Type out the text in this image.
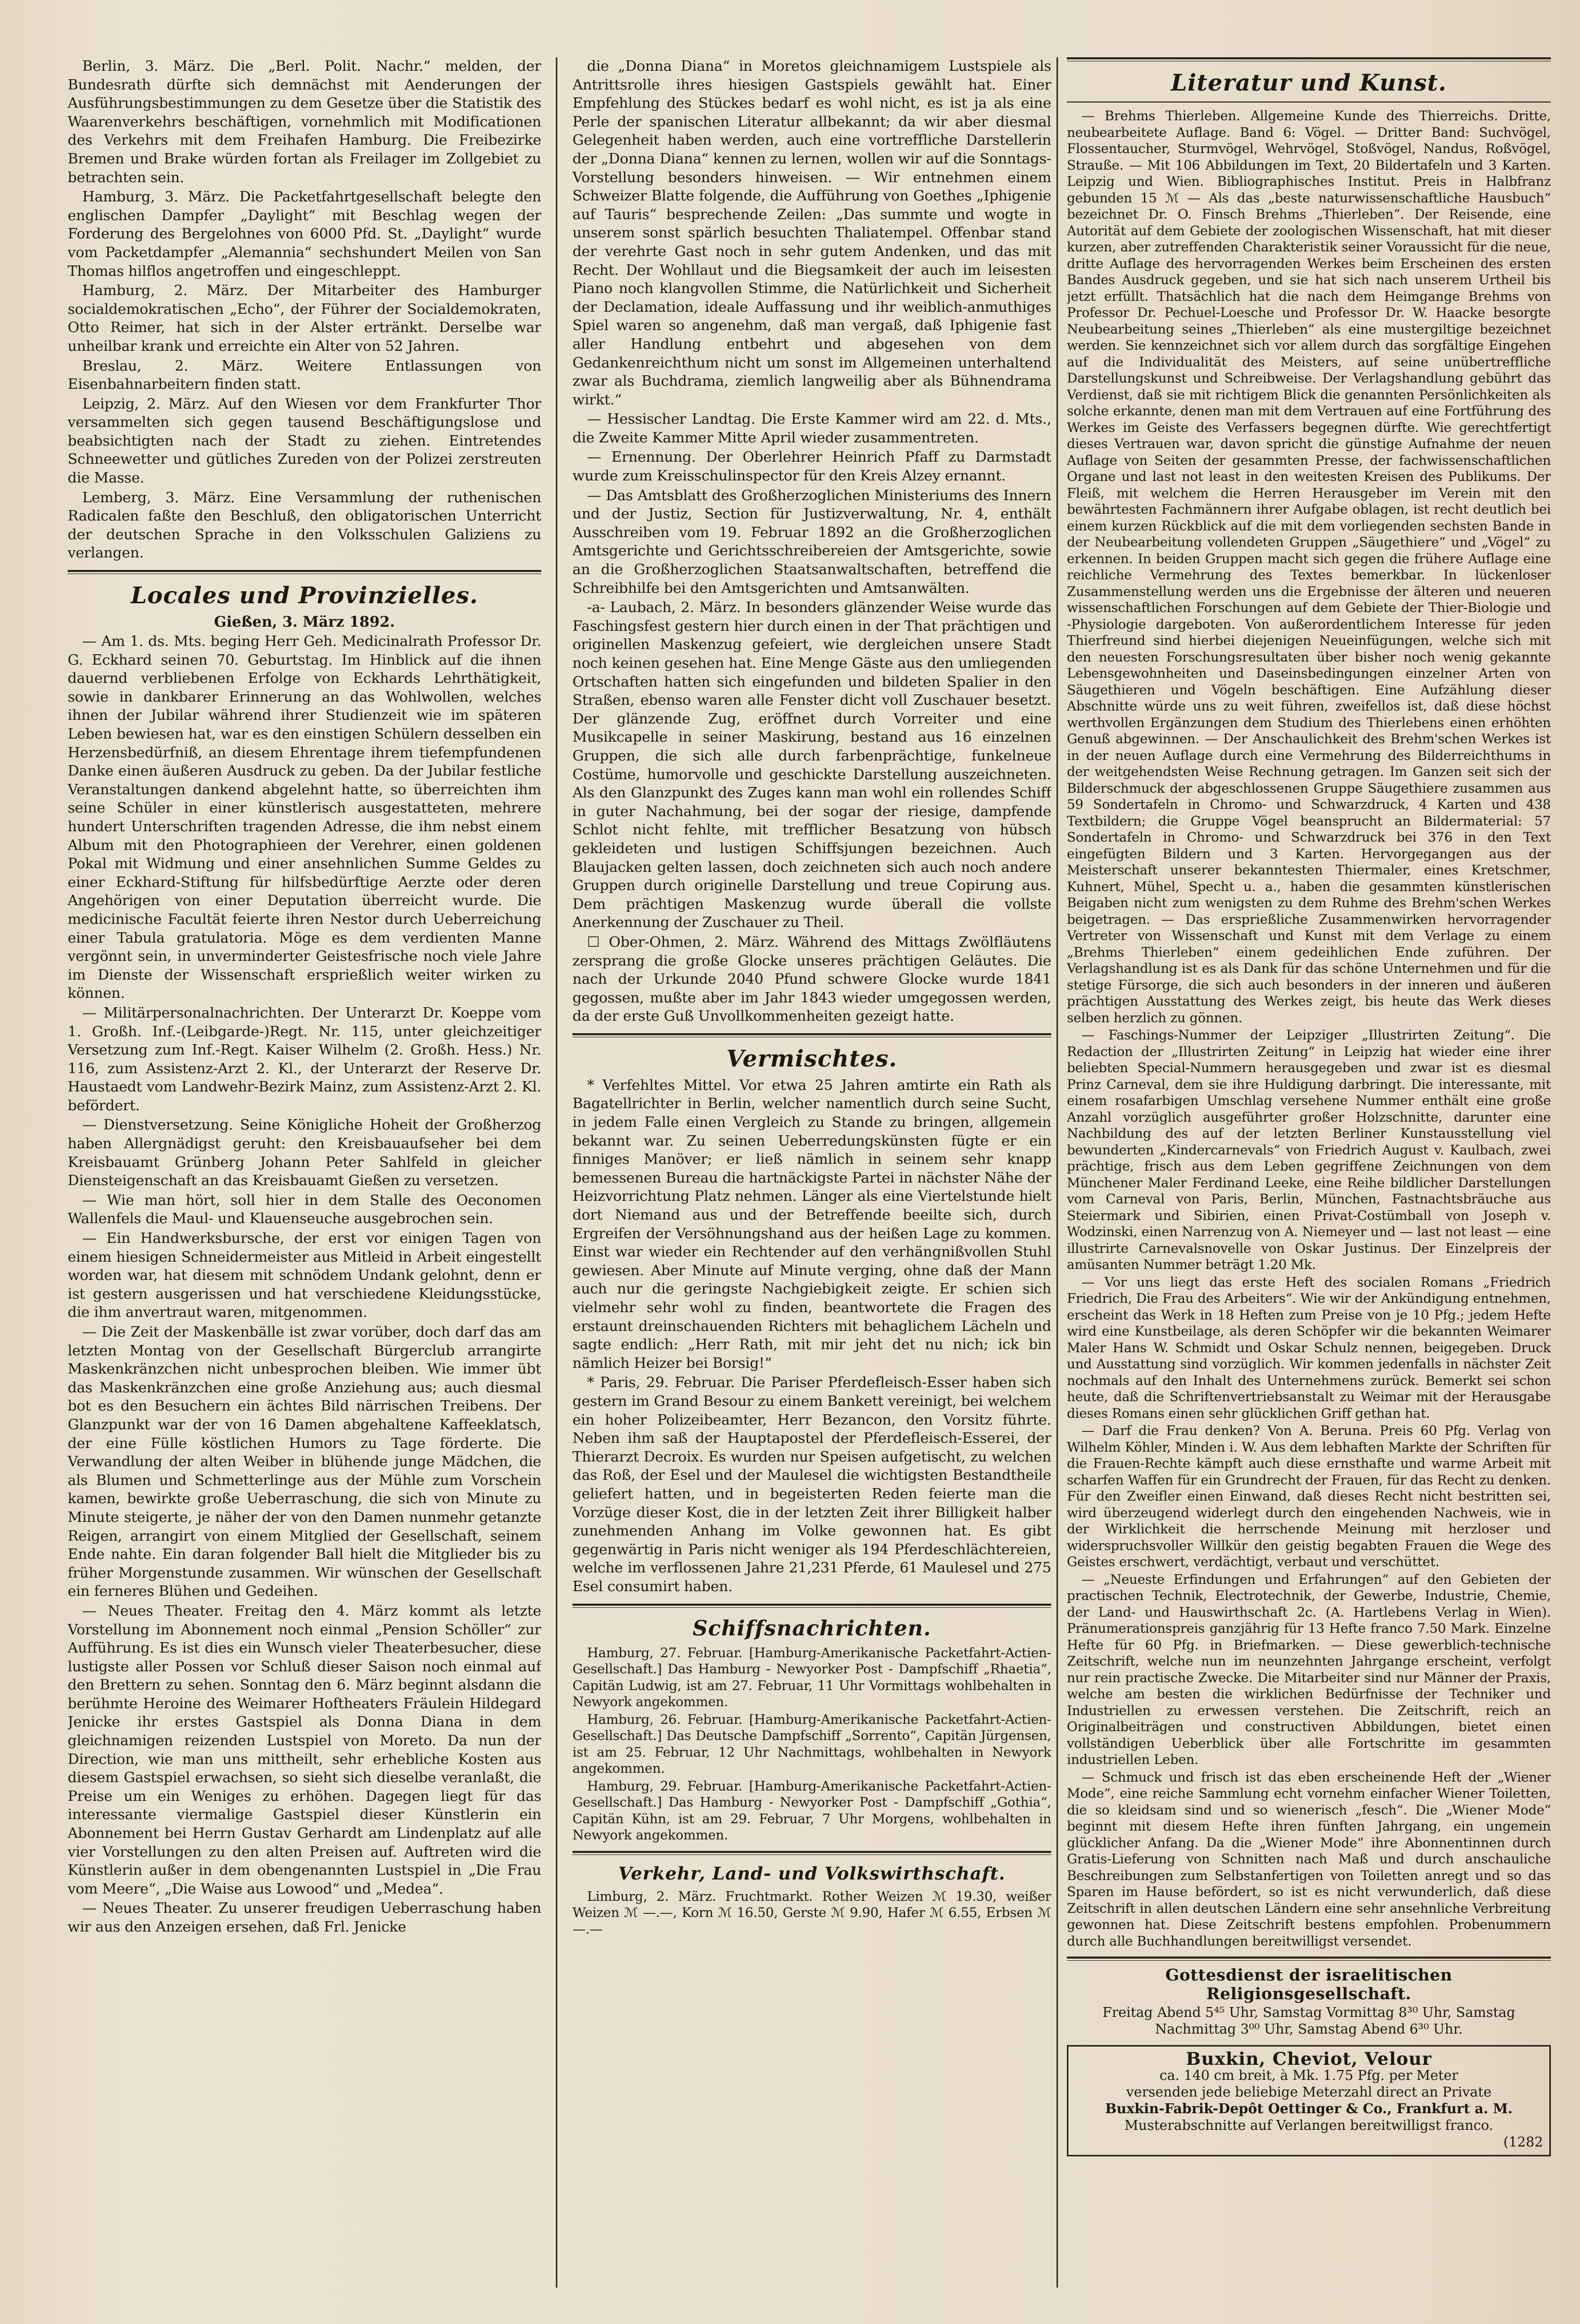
Berlin, 3. März. Die „Berl. Polit. Nachr.“ melden, der Bundesrath dürfte sich demnächst mit Aenderungen der Ausführungsbestimmungen zu dem Gesetze über die Statistik des Waarenverkehrs beschäftigen, vornehmlich mit Modificationen des Verkehrs mit dem Freihafen Hamburg. Die Freibezirke Bremen und Brake würden fortan als Freilager im Zollgebiet zu betrachten sein.

Hamburg, 3. März. Die Packetfahrtgesellschaft belegte den englischen Dampfer „Daylight“ mit Beschlag wegen der Forderung des Bergelohnes von 6000 Pfd. St. „Daylight“ wurde vom Packetdampfer „Alemannia“ sechshundert Meilen von San Thomas hilflos angetroffen und eingeschleppt.

Hamburg, 2. März. Der Mitarbeiter des Hamburger socialdemokratischen „Echo“, der Führer der Socialdemokraten, Otto Reimer, hat sich in der Alster ertränkt. Derselbe war unheilbar krank und erreichte ein Alter von 52 Jahren.

Breslau, 2. März. Weitere Entlassungen von Eisenbahnarbeitern finden statt.

Leipzig, 2. März. Auf den Wiesen vor dem Frankfurter Thor versammelten sich gegen tausend Beschäftigungslose und beabsichtigten nach der Stadt zu ziehen. Eintretendes Schneewetter und gütliches Zureden von der Polizei zerstreuten die Masse.

Lemberg, 3. März. Eine Versammlung der ruthenischen Radicalen faßte den Beschluß, den obligatorischen Unterricht der deutschen Sprache in den Volksschulen Galiziens zu verlangen.

Locales und Provinzielles.
Gießen, 3. März 1892.

— Am 1. ds. Mts. beging Herr Geh. Medicinalrath Professor Dr. G. Eckhard seinen 70. Geburtstag. Im Hinblick auf die ihnen dauernd verbliebenen Erfolge von Eckhards Lehrthätigkeit, sowie in dankbarer Erinnerung an das Wohlwollen, welches ihnen der Jubilar während ihrer Studienzeit wie im späteren Leben bewiesen hat, war es den einstigen Schülern desselben ein Herzensbedürfniß, an diesem Ehrentage ihrem tiefempfundenen Danke einen äußeren Ausdruck zu geben. Da der Jubilar festliche Veranstaltungen dankend abgelehnt hatte, so überreichten ihm seine Schüler in einer künstlerisch ausgestatteten, mehrere hundert Unterschriften tragenden Adresse, die ihm nebst einem Album mit den Photographieen der Verehrer, einen goldenen Pokal mit Widmung und einer ansehnlichen Summe Geldes zu einer Eckhard-Stiftung für hilfsbedürftige Aerzte oder deren Angehörigen von einer Deputation überreicht wurde. Die medicinische Facultät feierte ihren Nestor durch Ueberreichung einer Tabula gratulatoria. Möge es dem verdienten Manne vergönnt sein, in unverminderter Geistesfrische noch viele Jahre im Dienste der Wissenschaft ersprießlich weiter wirken zu können.

— Militärpersonalnachrichten. Der Unterarzt Dr. Koeppe vom 1. Großh. Inf.-(Leibgarde-)Regt. Nr. 115, unter gleichzeitiger Versetzung zum Inf.-Regt. Kaiser Wilhelm (2. Großh. Hess.) Nr. 116, zum Assistenz-Arzt 2. Kl., der Unterarzt der Reserve Dr. Haustaedt vom Landwehr-Bezirk Mainz, zum Assistenz-Arzt 2. Kl. befördert.

— Dienstversetzung. Seine Königliche Hoheit der Großherzog haben Allergnädigst geruht: den Kreisbauaufseher bei dem Kreisbauamt Grünberg Johann Peter Sahlfeld in gleicher Diensteigenschaft an das Kreisbauamt Gießen zu versetzen.

— Wie man hört, soll hier in dem Stalle des Oeconomen Wallenfels die Maul- und Klauenseuche ausgebrochen sein.

— Ein Handwerksbursche, der erst vor einigen Tagen von einem hiesigen Schneidermeister aus Mitleid in Arbeit eingestellt worden war, hat diesem mit schnödem Undank gelohnt, denn er ist gestern ausgerissen und hat verschiedene Kleidungsstücke, die ihm anvertraut waren, mitgenommen.

— Die Zeit der Maskenbälle ist zwar vorüber, doch darf das am letzten Montag von der Gesellschaft Bürgerclub arrangirte Maskenkränzchen nicht unbesprochen bleiben. Wie immer übt das Maskenkränzchen eine große Anziehung aus; auch diesmal bot es den Besuchern ein ächtes Bild närrischen Treibens. Der Glanzpunkt war der von 16 Damen abgehaltene Kaffeeklatsch, der eine Fülle köstlichen Humors zu Tage förderte. Die Verwandlung der alten Weiber in blühende junge Mädchen, die als Blumen und Schmetterlinge aus der Mühle zum Vorschein kamen, bewirkte große Ueberraschung, die sich von Minute zu Minute steigerte, je näher der von den Damen nunmehr getanzte Reigen, arrangirt von einem Mitglied der Gesellschaft, seinem Ende nahte. Ein daran folgender Ball hielt die Mitglieder bis zu früher Morgenstunde zusammen. Wir wünschen der Gesellschaft ein ferneres Blühen und Gedeihen.

— Neues Theater. Freitag den 4. März kommt als letzte Vorstellung im Abonnement noch einmal „Pension Schöller“ zur Aufführung. Es ist dies ein Wunsch vieler Theaterbesucher, diese lustigste aller Possen vor Schluß dieser Saison noch einmal auf den Brettern zu sehen. Sonntag den 6. März beginnt alsdann die berühmte Heroine des Weimarer Hoftheaters Fräulein Hildegard Jenicke ihr erstes Gastspiel als Donna Diana in dem gleichnamigen reizenden Lustspiel von Moreto. Da nun der Direction, wie man uns mittheilt, sehr erhebliche Kosten aus diesem Gastspiel erwachsen, so sieht sich dieselbe veranlaßt, die Preise um ein Weniges zu erhöhen. Dagegen liegt für das interessante viermalige Gastspiel dieser Künstlerin ein Abonnement bei Herrn Gustav Gerhardt am Lindenplatz auf alle vier Vorstellungen zu den alten Preisen auf. Auftreten wird die Künstlerin außer in dem obengenannten Lustspiel in „Die Frau vom Meere“, „Die Waise aus Lowood“ und „Medea“.

— Neues Theater. Zu unserer freudigen Ueberraschung haben wir aus den Anzeigen ersehen, daß Frl. Jenicke

die „Donna Diana“ in Moretos gleichnamigem Lustspiele als Antrittsrolle ihres hiesigen Gastspiels gewählt hat. Einer Empfehlung des Stückes bedarf es wohl nicht, es ist ja als eine Perle der spanischen Literatur allbekannt; da wir aber diesmal Gelegenheit haben werden, auch eine vortreffliche Darstellerin der „Donna Diana“ kennen zu lernen, wollen wir auf die Sonntags-Vorstellung besonders hinweisen. — Wir entnehmen einem Schweizer Blatte folgende, die Aufführung von Goethes „Iphigenie auf Tauris“ besprechende Zeilen: „Das summte und wogte in unserem sonst spärlich besuchten Thaliatempel. Offenbar stand der verehrte Gast noch in sehr gutem Andenken, und das mit Recht. Der Wohllaut und die Biegsamkeit der auch im leisesten Piano noch klangvollen Stimme, die Natürlichkeit und Sicherheit der Declamation, ideale Auffassung und ihr weiblich-anmuthiges Spiel waren so angenehm, daß man vergaß, daß Iphigenie fast aller Handlung entbehrt und abgesehen von dem Gedankenreichthum nicht um sonst im Allgemeinen unterhaltend zwar als Buchdrama, ziemlich langweilig aber als Bühnendrama wirkt.“

— Hessischer Landtag. Die Erste Kammer wird am 22. d. Mts., die Zweite Kammer Mitte April wieder zusammentreten.

— Ernennung. Der Oberlehrer Heinrich Pfaff zu Darmstadt wurde zum Kreisschulinspector für den Kreis Alzey ernannt.

— Das Amtsblatt des Großherzoglichen Ministeriums des Innern und der Justiz, Section für Justizverwaltung, Nr. 4, enthält Ausschreiben vom 19. Februar 1892 an die Großherzoglichen Amtsgerichte und Gerichtsschreibereien der Amtsgerichte, sowie an die Großherzoglichen Staatsanwaltschaften, betreffend die Schreibhilfe bei den Amtsgerichten und Amtsanwälten.

-a- Laubach, 2. März. In besonders glänzender Weise wurde das Faschingsfest gestern hier durch einen in der That prächtigen und originellen Maskenzug gefeiert, wie dergleichen unsere Stadt noch keinen gesehen hat. Eine Menge Gäste aus den umliegenden Ortschaften hatten sich eingefunden und bildeten Spalier in den Straßen, ebenso waren alle Fenster dicht voll Zuschauer besetzt. Der glänzende Zug, eröffnet durch Vorreiter und eine Musikcapelle in seiner Maskirung, bestand aus 16 einzelnen Gruppen, die sich alle durch farbenprächtige, funkelneue Costüme, humorvolle und geschickte Darstellung auszeichneten. Als den Glanzpunkt des Zuges kann man wohl ein rollendes Schiff in guter Nachahmung, bei der sogar der riesige, dampfende Schlot nicht fehlte, mit trefflicher Besatzung von hübsch gekleideten und lustigen Schiffsjungen bezeichnen. Auch Blaujacken gelten lassen, doch zeichneten sich auch noch andere Gruppen durch originelle Darstellung und treue Copirung aus. Dem prächtigen Maskenzug wurde überall die vollste Anerkennung der Zuschauer zu Theil.

☐ Ober-Ohmen, 2. März. Während des Mittags Zwölfläutens zersprang die große Glocke unseres prächtigen Geläutes. Die nach der Urkunde 2040 Pfund schwere Glocke wurde 1841 gegossen, mußte aber im Jahr 1843 wieder umgegossen werden, da der erste Guß Unvollkommenheiten gezeigt hatte.

Vermischtes.

* Verfehltes Mittel. Vor etwa 25 Jahren amtirte ein Rath als Bagatellrichter in Berlin, welcher namentlich durch seine Sucht, in jedem Falle einen Vergleich zu Stande zu bringen, allgemein bekannt war. Zu seinen Ueberredungskünsten fügte er ein finniges Manöver; er ließ nämlich in seinem sehr knapp bemessenen Bureau die hartnäckigste Partei in nächster Nähe der Heizvorrichtung Platz nehmen. Länger als eine Viertelstunde hielt dort Niemand aus und der Betreffende beeilte sich, durch Ergreifen der Versöhnungshand aus der heißen Lage zu kommen. Einst war wieder ein Rechtender auf den verhängnißvollen Stuhl gewiesen. Aber Minute auf Minute verging, ohne daß der Mann auch nur die geringste Nachgiebigkeit zeigte. Er schien sich vielmehr sehr wohl zu finden, beantwortete die Fragen des erstaunt dreinschauenden Richters mit behaglichem Lächeln und sagte endlich: „Herr Rath, mit mir jeht det nu nich; ick bin nämlich Heizer bei Borsig!“

* Paris, 29. Februar. Die Pariser Pferdefleisch-Esser haben sich gestern im Grand Besour zu einem Bankett vereinigt, bei welchem ein hoher Polizeibeamter, Herr Bezancon, den Vorsitz führte. Neben ihm saß der Hauptapostel der Pferdefleisch-Esserei, der Thierarzt Decroix. Es wurden nur Speisen aufgetischt, zu welchen das Roß, der Esel und der Maulesel die wichtigsten Bestandtheile geliefert hatten, und in begeisterten Reden feierte man die Vorzüge dieser Kost, die in der letzten Zeit ihrer Billigkeit halber zunehmenden Anhang im Volke gewonnen hat. Es gibt gegenwärtig in Paris nicht weniger als 194 Pferdeschlächtereien, welche im verflossenen Jahre 21,231 Pferde, 61 Maulesel und 275 Esel consumirt haben.

Schiffsnachrichten.

Hamburg, 27. Februar. [Hamburg-Amerikanische Packetfahrt-Actien-Gesellschaft.] Das Hamburg - Newyorker Post - Dampfschiff „Rhaetia“, Capitän Ludwig, ist am 27. Februar, 11 Uhr Vormittags wohlbehalten in Newyork angekommen.

Hamburg, 26. Februar. [Hamburg-Amerikanische Packetfahrt-Actien-Gesellschaft.] Das Deutsche Dampfschiff „Sorrento“, Capitän Jürgensen, ist am 25. Februar, 12 Uhr Nachmittags, wohlbehalten in Newyork angekommen.

Hamburg, 29. Februar. [Hamburg-Amerikanische Packetfahrt-Actien-Gesellschaft.] Das Hamburg - Newyorker Post - Dampfschiff „Gothia“, Capitän Kühn, ist am 29. Februar, 7 Uhr Morgens, wohlbehalten in Newyork angekommen.

Verkehr, Land- und Volkswirthschaft.

Limburg, 2. März. Fruchtmarkt. Rother Weizen ℳ 19.30, weißer Weizen ℳ —.—, Korn ℳ 16.50, Gerste ℳ 9.90, Hafer ℳ 6.55, Erbsen ℳ —.—

Literatur und Kunst.

— Brehms Thierleben. Allgemeine Kunde des Thierreichs. Dritte, neubearbeitete Auflage. Band 6: Vögel. — Dritter Band: Suchvögel, Flossentaucher, Sturmvögel, Wehrvögel, Stoßvögel, Nandus, Roßvögel, Strauße. — Mit 106 Abbildungen im Text, 20 Bildertafeln und 3 Karten. Leipzig und Wien. Bibliographisches Institut. Preis in Halbfranz gebunden 15 ℳ — Als das „beste naturwissenschaftliche Hausbuch“ bezeichnet Dr. O. Finsch Brehms „Thierleben“. Der Reisende, eine Autorität auf dem Gebiete der zoologischen Wissenschaft, hat mit dieser kurzen, aber zutreffenden Charakteristik seiner Voraussicht für die neue, dritte Auflage des hervorragenden Werkes beim Erscheinen des ersten Bandes Ausdruck gegeben, und sie hat sich nach unserem Urtheil bis jetzt erfüllt. Thatsächlich hat die nach dem Heimgange Brehms von Professor Dr. Pechuel-Loesche und Professor Dr. W. Haacke besorgte Neubearbeitung seines „Thierleben“ als eine mustergiltige bezeichnet werden. Sie kennzeichnet sich vor allem durch das sorgfältige Eingehen auf die Individualität des Meisters, auf seine unübertreffliche Darstellungskunst und Schreibweise. Der Verlagshandlung gebührt das Verdienst, daß sie mit richtigem Blick die genannten Persönlichkeiten als solche erkannte, denen man mit dem Vertrauen auf eine Fortführung des Werkes im Geiste des Verfassers begegnen dürfte. Wie gerechtfertigt dieses Vertrauen war, davon spricht die günstige Aufnahme der neuen Auflage von Seiten der gesammten Presse, der fachwissenschaftlichen Organe und last not least in den weitesten Kreisen des Publikums. Der Fleiß, mit welchem die Herren Herausgeber im Verein mit den bewährtesten Fachmännern ihrer Aufgabe oblagen, ist recht deutlich bei einem kurzen Rückblick auf die mit dem vorliegenden sechsten Bande in der Neubearbeitung vollendeten Gruppen „Säugethiere“ und „Vögel“ zu erkennen. In beiden Gruppen macht sich gegen die frühere Auflage eine reichliche Vermehrung des Textes bemerkbar. In lückenloser Zusammenstellung werden uns die Ergebnisse der älteren und neueren wissenschaftlichen Forschungen auf dem Gebiete der Thier-Biologie und -Physiologie dargeboten. Von außerordentlichem Interesse für jeden Thierfreund sind hierbei diejenigen Neueinfügungen, welche sich mit den neuesten Forschungsresultaten über bisher noch wenig gekannte Lebensgewohnheiten und Daseinsbedingungen einzelner Arten von Säugethieren und Vögeln beschäftigen. Eine Aufzählung dieser Abschnitte würde uns zu weit führen, zweifellos ist, daß diese höchst werthvollen Ergänzungen dem Studium des Thierlebens einen erhöhten Genuß abgewinnen. — Der Anschaulichkeit des Brehm'schen Werkes ist in der neuen Auflage durch eine Vermehrung des Bilderreichthums in der weitgehendsten Weise Rechnung getragen. Im Ganzen seit sich der Bilderschmuck der abgeschlossenen Gruppe Säugethiere zusammen aus 59 Sondertafeln in Chromo- und Schwarzdruck, 4 Karten und 438 Textbildern; die Gruppe Vögel beansprucht an Bildermaterial: 57 Sondertafeln in Chromo- und Schwarzdruck bei 376 in den Text eingefügten Bildern und 3 Karten. Hervorgegangen aus der Meisterschaft unserer bekanntesten Thiermaler, eines Kretschmer, Kuhnert, Mühel, Specht u. a., haben die gesammten künstlerischen Beigaben nicht zum wenigsten zu dem Ruhme des Brehm'schen Werkes beigetragen. — Das ersprießliche Zusammenwirken hervorragender Vertreter von Wissenschaft und Kunst mit dem Verlage zu einem „Brehms Thierleben“ einem gedeihlichen Ende zuführen. Der Verlagshandlung ist es als Dank für das schöne Unternehmen und für die stetige Fürsorge, die sich auch besonders in der inneren und äußeren prächtigen Ausstattung des Werkes zeigt, bis heute das Werk dieses selben herzlich zu gönnen.

— Faschings-Nummer der Leipziger „Illustrirten Zeitung“. Die Redaction der „Illustrirten Zeitung“ in Leipzig hat wieder eine ihrer beliebten Special-Nummern herausgegeben und zwar ist es diesmal Prinz Carneval, dem sie ihre Huldigung darbringt. Die interessante, mit einem rosafarbigen Umschlag versehene Nummer enthält eine große Anzahl vorzüglich ausgeführter großer Holzschnitte, darunter eine Nachbildung des auf der letzten Berliner Kunstausstellung viel bewunderten „Kindercarnevals“ von Friedrich August v. Kaulbach, zwei prächtige, frisch aus dem Leben gegriffene Zeichnungen von dem Münchener Maler Ferdinand Leeke, eine Reihe bildlicher Darstellungen vom Carneval von Paris, Berlin, München, Fastnachtsbräuche aus Steiermark und Sibirien, einen Privat-Costümball von Joseph v. Wodzinski, einen Narrenzug von A. Niemeyer und — last not least — eine illustrirte Carnevalsnovelle von Oskar Justinus. Der Einzelpreis der amüsanten Nummer beträgt 1.20 Mk.

— Vor uns liegt das erste Heft des socialen Romans „Friedrich Friedrich, Die Frau des Arbeiters“. Wie wir der Ankündigung entnehmen, erscheint das Werk in 18 Heften zum Preise von je 10 Pfg.; jedem Hefte wird eine Kunstbeilage, als deren Schöpfer wir die bekannten Weimarer Maler Hans W. Schmidt und Oskar Schulz nennen, beigegeben. Druck und Ausstattung sind vorzüglich. Wir kommen jedenfalls in nächster Zeit nochmals auf den Inhalt des Unternehmens zurück. Bemerkt sei schon heute, daß die Schriftenvertriebsanstalt zu Weimar mit der Herausgabe dieses Romans einen sehr glücklichen Griff gethan hat.

— Darf die Frau denken? Von A. Beruna. Preis 60 Pfg. Verlag von Wilhelm Köhler, Minden i. W. Aus dem lebhaften Markte der Schriften für die Frauen-Rechte kämpft auch diese ernsthafte und warme Arbeit mit scharfen Waffen für ein Grundrecht der Frauen, für das Recht zu denken. Für den Zweifler einen Einwand, daß dieses Recht nicht bestritten sei, wird überzeugend widerlegt durch den eingehenden Nachweis, wie in der Wirklichkeit die herrschende Meinung mit herzloser und widerspruchsvoller Willkür den geistig begabten Frauen die Wege des Geistes erschwert, verdächtigt, verbaut und verschüttet.

— „Neueste Erfindungen und Erfahrungen“ auf den Gebieten der practischen Technik, Electrotechnik, der Gewerbe, Industrie, Chemie, der Land- und Hauswirthschaft 2c. (A. Hartlebens Verlag in Wien). Pränumerationspreis ganzjährig für 13 Hefte franco 7.50 Mark. Einzelne Hefte für 60 Pfg. in Briefmarken. — Diese gewerblich-technische Zeitschrift, welche nun im neunzehnten Jahrgange erscheint, verfolgt nur rein practische Zwecke. Die Mitarbeiter sind nur Männer der Praxis, welche am besten die wirklichen Bedürfnisse der Techniker und Industriellen zu erwessen verstehen. Die Zeitschrift, reich an Originalbeiträgen und constructiven Abbildungen, bietet einen vollständigen Ueberblick über alle Fortschritte im gesammten industriellen Leben.

— Schmuck und frisch ist das eben erscheinende Heft der „Wiener Mode“, eine reiche Sammlung echt vornehm einfacher Wiener Toiletten, die so kleidsam sind und so wienerisch „fesch“. Die „Wiener Mode“ beginnt mit diesem Hefte ihren fünften Jahrgang, ein ungemein glücklicher Anfang. Da die „Wiener Mode“ ihre Abonnentinnen durch Gratis-Lieferung von Schnitten nach Maß und durch anschauliche Beschreibungen zum Selbstanfertigen von Toiletten anregt und so das Sparen im Hause befördert, so ist es nicht verwunderlich, daß diese Zeitschrift in allen deutschen Ländern eine sehr ansehnliche Verbreitung gewonnen hat. Diese Zeitschrift bestens empfohlen. Probenummern durch alle Buchhandlungen bereitwilligst versendet.

Gottesdienst der israelitischen Religionsgesellschaft.

Freitag Abend 5⁴⁵ Uhr, Samstag Vormittag 8³⁰ Uhr, Samstag

Nachmittag 3⁰⁰ Uhr, Samstag Abend 6³⁰ Uhr.

Buxkin, Cheviot, Velour
ca. 140 cm breit, à Mk. 1.75 Pfg. per Meter
versenden jede beliebige Meterzahl direct an Private
Buxkin-Fabrik-Depôt Oettinger & Co., Frankfurt a. M.
Musterabschnitte auf Verlangen bereitwilligst franco.
(1282
